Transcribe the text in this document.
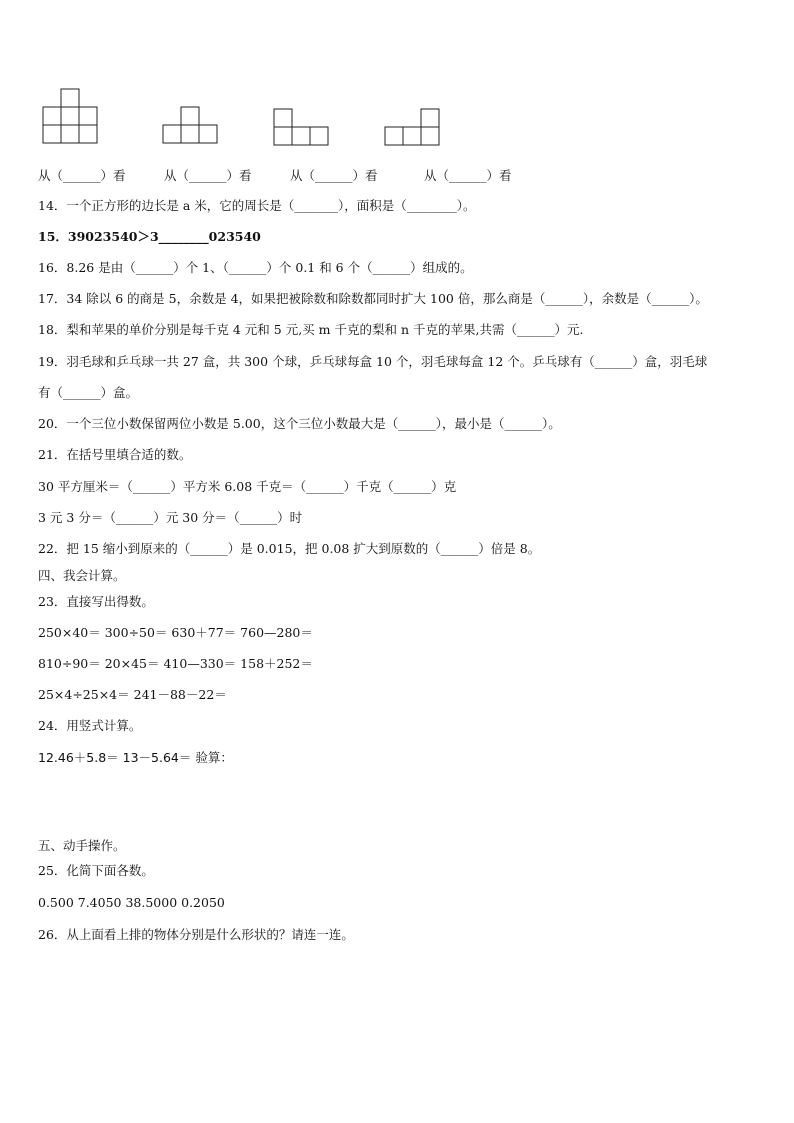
从（______）看	从（______）看	从（______）看	从（______）看
14．一个正方形的边长是 a 米，它的周长是（_______），面积是（________）。
15．39023540＞3________023540
16．8.26 是由（______）个 1、（______）个 0.1 和 6 个（______）组成的。
17．34 除以 6 的商是 5，余数是 4，如果把被除数和除数都同时扩大 100 倍，那么商是（______），余数是（______）。
18．梨和苹果的单价分别是每千克 4 元和 5 元,买 m 千克的梨和 n 千克的苹果,共需（______）元.
19．羽毛球和乒乓球一共 27 盒，共 300 个球，乒乓球每盒 10 个，羽毛球每盒 12 个。乒乓球有（______）盒，羽毛球
有（______）盒。
20．一个三位小数保留两位小数是 5.00，这个三位小数最大是（______），最小是（______）。
21．在括号里填合适的数。
30 平方厘米＝（______）平方米 6.08 千克＝（______）千克（______）克
3 元 3 分＝（______）元 30 分＝（______）时
22．把 15 缩小到原来的（______）是 0.015，把 0.08 扩大到原数的（______）倍是 8。
四、我会计算。
23．直接写出得数。
250×40＝ 300÷50＝ 630＋77＝ 760—280＝
810÷90＝ 20×45＝ 410—330＝ 158＋252＝
25×4÷25×4＝ 241－88－22＝
24．用竖式计算。
12.46＋5.8＝ 13－5.64＝ 验算：
五、动手操作。
25．化简下面各数。
0.500 7.4050 38.5000 0.2050
26．从上面看上排的物体分别是什么形状的？请连一连。
